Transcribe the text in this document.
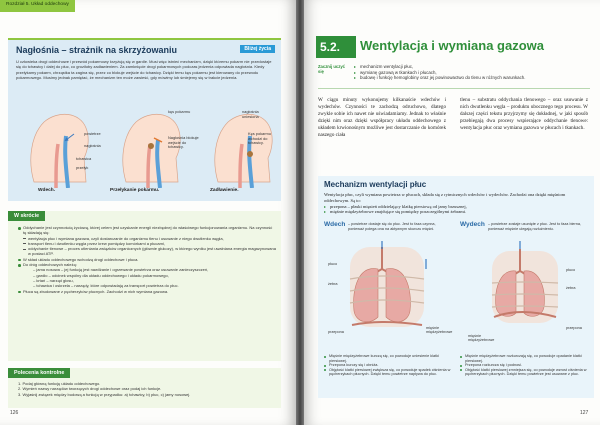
Rozdział 5. Układ oddechowy
Nagłośnia – strażnik na skrzyżowaniu	Bliżej życia
U człowieka drogi oddechowe i przewód pokarmowy krzyżują się w gardle. Musi więc istnieć mechanizm, dzięki któremu pokarm nie przedostaje się do tchawicy i dalej do płuc, co groziłoby zadławieniem. Za zamknięcie drogi pokarmowych podczas jedzenia odpowiada nagłośnia. Kiedy przełykamy pokarm, chrząstka ta zagina się, przez co blokuje wejście do tchawicy. Dzięki temu kęs pokarmu jest kierowany do przewodu pokarmowego. Musimy jednak pamiętać, że mechanizm ten może zawieść, gdy mówimy lub śmiejemy się w trakcie jedzenia.
powietrze
nagłośnia
tchawica
przełyk
kęs pokarmu
Nagłośnia blokuje wejście do tchawicy.
nagłośnia uniesiona
Kęs pokarmu wchodzi do tchawicy.
Wdech.	Przełykanie pokarmu.	Zadławienie.
W skrócie
Oddychanie jest czynnością życiową, której celem jest uzyskanie energii niezbędnej do właściwego funkcjonowania organizmu. Na czynność tę składają się:
wentylacja płuc i wymiana gazowa, czyli dostarczanie do organizmu tlenu i usuwanie z niego dwutlenku węgla,
transport tlenu i dwutlenku węgla przez krew pomiędzy komórkami a płucami,
oddychanie tlenowe – proces utleniania związków organicznych (głównie glukozy), w którego wyniku jest uwalniana energia magazynowana w postaci ATP.
W skład układu oddechowego wchodzą drogi oddechowe i płuca.
Do dróg oddechowych należą:
– jama nosowa – jej funkcją jest nawilżanie i ogrzewanie powietrza oraz usuwanie zanieczyszczeń,
– gardło – odcinek wspólny dla układu oddechowego i układu pokarmowego,
– krtań – narząd głosu,
– tchawica i oskrzela – narządy, które odpowiadają za transport powietrza do płuc.
Płuca są zbudowane z pęcherzyków płucnych. Zachodzi w nich wymiana gazowa.
Polecenia kontrolne
1. Podaj główną funkcję układu oddechowego.
2. Wymień nazwy narządów tworzących drogi oddechowe oraz podaj ich funkcje.
3. Wyjaśnij związek między budową a funkcją w przypadku: a) tchawicy, b) płuc, c) jamy nosowej.
126
5.2.	Wentylacja i wymiana gazowa
Zacznij uczyć się
▸ mechanizm wentylacji płuc,
▸ wymianę gazową w tkankach i płucach,
▸ budowę i funkcję hemoglobiny oraz jej powinowactwo do tlenu w różnych warunkach.
W ciągu minuty wykonujemy kilkanaście wdechów i wydechów. Czynności te zachodzą odruchowo, dlatego zwykle sobie ich nawet nie uświadamiamy. Jednak to właśnie dzięki nim oraz dzięki współpracy układu oddechowego z układem krwionośnym możliwe jest dostarczanie do komórek naszego ciała
tlenu – substratu oddychania tlenowego – oraz usuwanie z nich dwutlenku węgla – produktu ubocznego tego procesu. W dalszej części tekstu przyjrzymy się dokładnej, w jaki sposób przebiegają dwa procesy wspierające oddychanie tlenowe: wentylacja płuc oraz wymiana gazowa w płucach i tkankach.
Mechanizm wentylacji płuc
Wentylacja płuc, czyli wymiana powietrza w płucach, składa się z rytmicznych wdechów i wydechów. Zachodzi ona dzięki mięśniom oddechowym. Są to:
▸ przepona – płaski mięsień oddzielający klatkę piersiową od jamy brzusznej,
▸ mięśnie międzyżebrowe znajdujące się pomiędzy poszczególnymi żebrami.
Wdech – powietrze dostaje się do płuc. Jest to faza czynna, ponieważ polega ona na aktywnym skurczu mięśni.
Wydech – powietrze zostaje usunięte z płuc. Jest to faza bierna, ponieważ mięśnie ulegają rozluźnieniu.
płuco
żebra
przepona
mięśnie międzyżebrowe
płuco
żebra
przepona
mięśnie międzyżebrowe
Mięśnie międzyżebrowe kurczą się, co powoduje uniesienie klatki piersiowej.
Przepona kurczy się i obniża.
Objętość klatki piersiowej zwiększa się, co powoduje spadek ciśnienia w pęcherzykach płucnych. Dzięki temu powietrze napływa do płuc.
Mięśnie międzyżebrowe rozkurczają się, co powoduje opadanie klatki piersiowej.
Przepona rozkurcza się i podnosi.
Objętość klatki piersiowej zmniejsza się, co powoduje wzrost ciśnienia w pęcherzykach płucnych. Dzięki temu powietrze jest usuwane z płuc.
127
